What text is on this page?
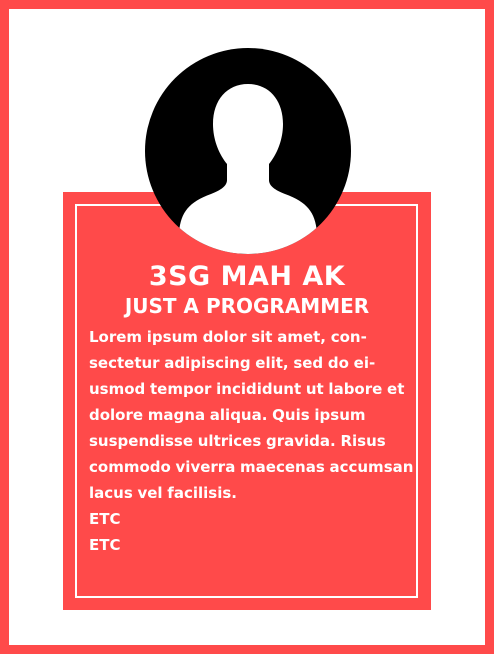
3SG MAH AK
JUST A PROGRAMMER
Lorem ipsum dolor sit amet, con- sectetur adipiscing elit, sed do ei- usmod tempor incididunt ut labore et dolore magna aliqua. Quis ipsum suspendisse ultrices gravida. Risus commodo viverra maecenas accumsan lacus vel facilisis.
ETC
ETC
